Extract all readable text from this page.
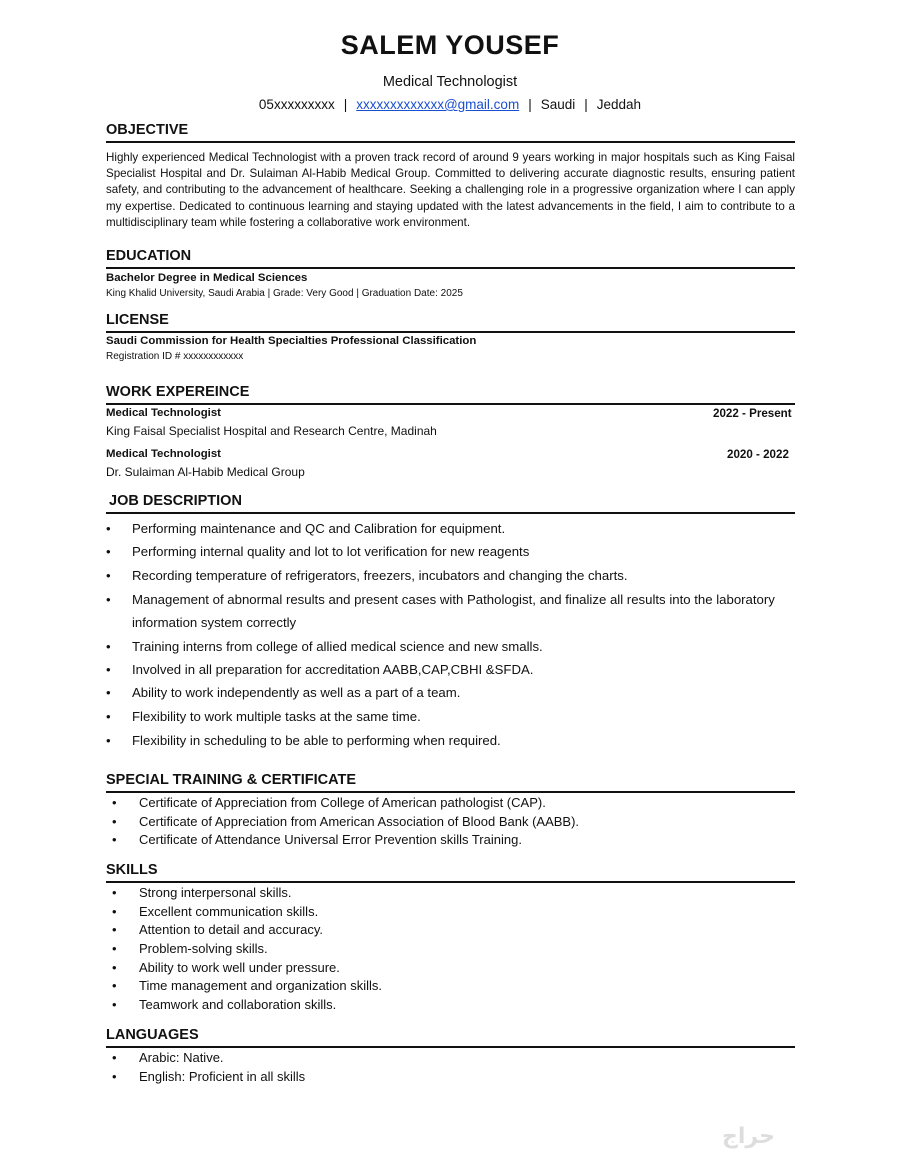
SALEM YOUSEF
Medical Technologist
05xxxxxxxxx | xxxxxxxxxxxxx@gmail.com | Saudi | Jeddah
OBJECTIVE
Highly experienced Medical Technologist with a proven track record of around 9 years working in major hospitals such as King Faisal Specialist Hospital and Dr. Sulaiman Al-Habib Medical Group. Committed to delivering accurate diagnostic results, ensuring patient safety, and contributing to the advancement of healthcare. Seeking a challenging role in a progressive organization where I can apply my expertise. Dedicated to continuous learning and staying updated with the latest advancements in the field, I aim to contribute to a multidisciplinary team while fostering a collaborative work environment.
EDUCATION
Bachelor Degree in Medical Sciences
King Khalid University, Saudi Arabia | Grade: Very Good | Graduation Date: 2025
LICENSE
Saudi Commission for Health Specialties Professional Classification
Registration ID # xxxxxxxxxxxx
WORK EXPEREINCE
Medical Technologist	2022 - Present
King Faisal Specialist Hospital and Research Centre, Madinah
Medical Technologist	2020 - 2022
Dr. Sulaiman Al-Habib Medical Group
JOB DESCRIPTION
• Performing maintenance and QC and Calibration for equipment.
• Performing internal quality and lot to lot verification for new reagents
• Recording temperature of refrigerators, freezers, incubators and changing the charts.
• Management of abnormal results and present cases with Pathologist, and finalize all results into the laboratory information system correctly
• Training interns from college of allied medical science and new smalls.
• Involved in all preparation for accreditation AABB,CAP,CBHI &SFDA.
• Ability to work independently as well as a part of a team.
• Flexibility to work multiple tasks at the same time.
• Flexibility in scheduling to be able to performing when required.
SPECIAL TRAINING & CERTIFICATE
• Certificate of Appreciation from College of American pathologist (CAP).
• Certificate of Appreciation from American Association of Blood Bank (AABB).
• Certificate of Attendance Universal Error Prevention skills Training.
SKILLS
• Strong interpersonal skills.
• Excellent communication skills.
• Attention to detail and accuracy.
• Problem-solving skills.
• Ability to work well under pressure.
• Time management and organization skills.
• Teamwork and collaboration skills.
LANGUAGES
• Arabic: Native.
• English: Proficient in all skills
حراج
